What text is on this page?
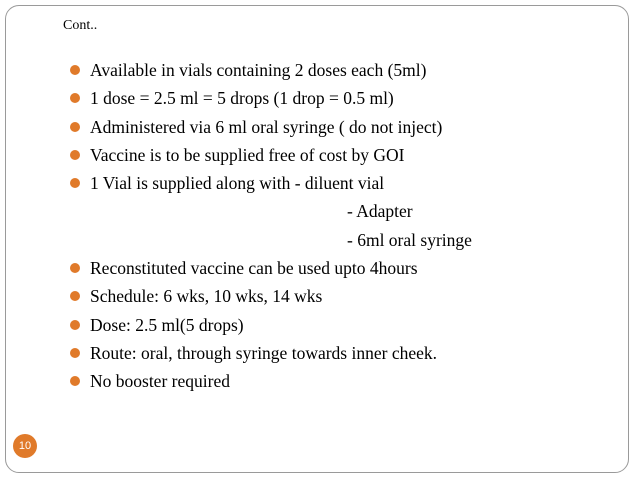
Cont..
Available in vials containing 2 doses each (5ml)
1 dose = 2.5 ml = 5 drops (1 drop = 0.5 ml)
Administered via 6 ml oral syringe ( do not inject)
Vaccine is to be supplied free of cost by GOI
1 Vial is supplied along with - diluent vial
- Adapter
- 6ml oral syringe
Reconstituted vaccine can be used upto 4hours
Schedule: 6 wks, 10 wks, 14 wks
Dose: 2.5 ml(5 drops)
Route: oral, through syringe towards inner cheek.
No booster required
10
